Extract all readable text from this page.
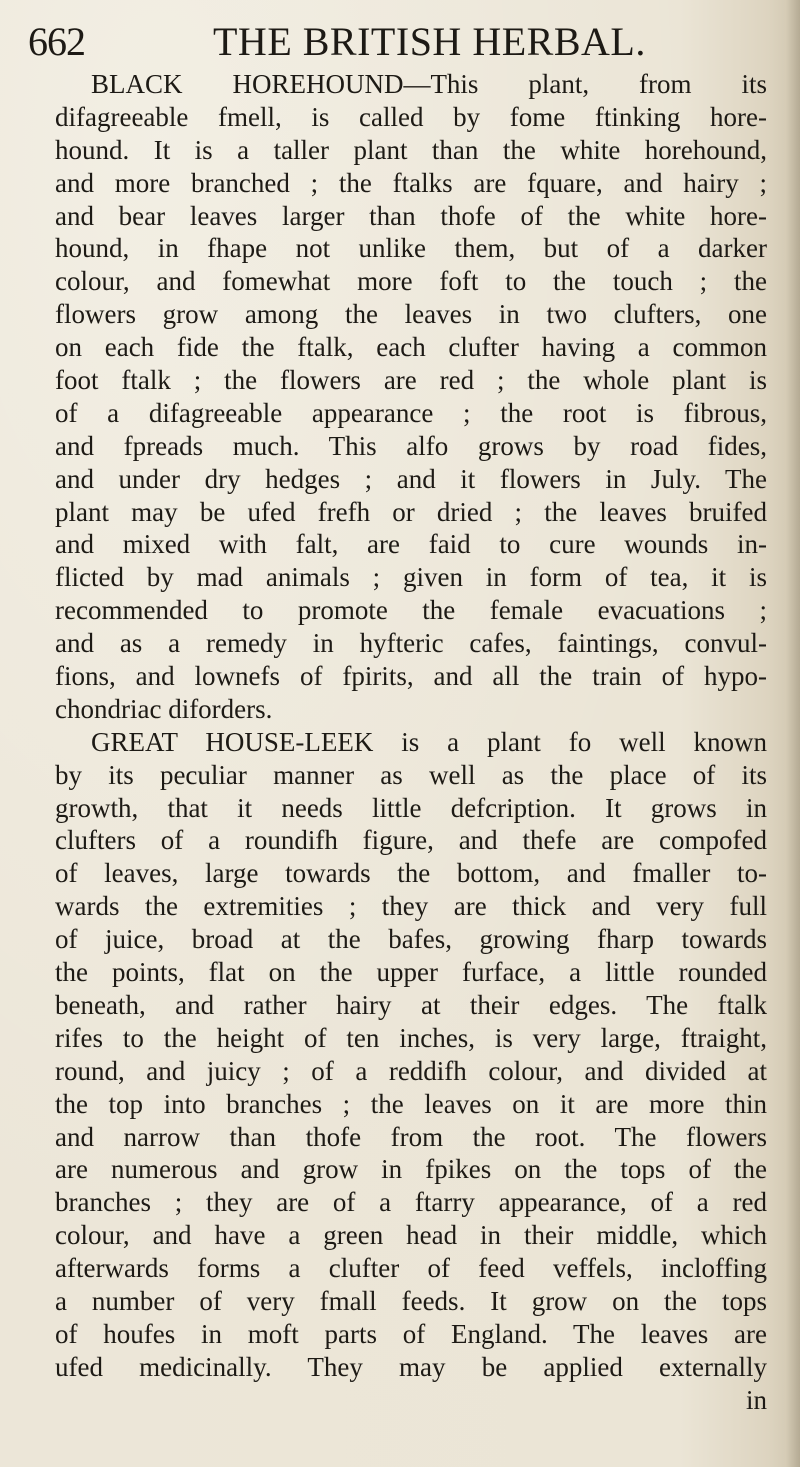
662	THE BRITISH HERBAL.
BLACK HOREHOUND—This plant, from its
difagreeable fmell, is called by fome ftinking hore-
hound. It is a taller plant than the white horehound,
and more branched ; the ftalks are fquare, and hairy ;
and bear leaves larger than thofe of the white hore-
hound, in fhape not unlike them, but of a darker
colour, and fomewhat more foft to the touch ; the
flowers grow among the leaves in two clufters, one
on each fide the ftalk, each clufter having a common
foot ftalk ; the flowers are red ; the whole plant is
of a difagreeable appearance ; the root is fibrous,
and fpreads much. This alfo grows by road fides,
and under dry hedges ; and it flowers in July. The
plant may be ufed frefh or dried ; the leaves bruifed
and mixed with falt, are faid to cure wounds in-
flicted by mad animals ; given in form of tea, it is
recommended to promote the female evacuations ;
and as a remedy in hyfteric cafes, faintings, convul-
fions, and lownefs of fpirits, and all the train of hypo-
chondriac diforders.
GREAT HOUSE-LEEK is a plant fo well known
by its peculiar manner as well as the place of its
growth, that it needs little defcription. It grows in
clufters of a roundifh figure, and thefe are compofed
of leaves, large towards the bottom, and fmaller to-
wards the extremities ; they are thick and very full
of juice, broad at the bafes, growing fharp towards
the points, flat on the upper furface, a little rounded
beneath, and rather hairy at their edges. The ftalk
rifes to the height of ten inches, is very large, ftraight,
round, and juicy ; of a reddifh colour, and divided at
the top into branches ; the leaves on it are more thin
and narrow than thofe from the root. The flowers
are numerous and grow in fpikes on the tops of the
branches ; they are of a ftarry appearance, of a red
colour, and have a green head in their middle, which
afterwards forms a clufter of feed veffels, incloffing
a number of very fmall feeds. It grow on the tops
of houfes in moft parts of England. The leaves are
ufed medicinally. They may be applied externally
in
